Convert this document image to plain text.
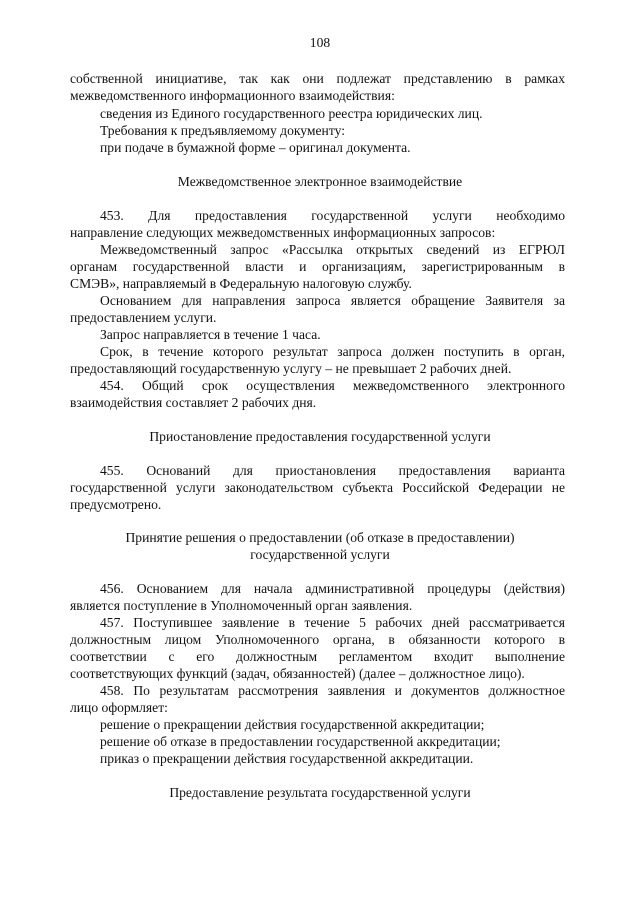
108
собственной инициативе, так как они подлежат представлению в рамках
межведомственного информационного взаимодействия:
сведения из Единого государственного реестра юридических лиц.
Требования к предъявляемому документу:
при подаче в бумажной форме – оригинал документа.
Межведомственное электронное взаимодействие
453. Для предоставления государственной услуги необходимо
направление следующих межведомственных информационных запросов:
Межведомственный запрос «Рассылка открытых сведений из ЕГРЮЛ
органам государственной власти и организациям, зарегистрированным в
СМЭВ», направляемый в Федеральную налоговую службу.
Основанием для направления запроса является обращение Заявителя за
предоставлением услуги.
Запрос направляется в течение 1 часа.
Срок, в течение которого результат запроса должен поступить в орган,
предоставляющий государственную услугу – не превышает 2 рабочих дней.
454. Общий срок осуществления межведомственного электронного
взаимодействия составляет 2 рабочих дня.
Приостановление предоставления государственной услуги
455. Оснований для приостановления предоставления варианта
государственной услуги законодательством субъекта Российской Федерации не
предусмотрено.
Принятие решения о предоставлении (об отказе в предоставлении)
государственной услуги
456. Основанием для начала административной процедуры (действия)
является поступление в Уполномоченный орган заявления.
457. Поступившее заявление в течение 5 рабочих дней рассматривается
должностным лицом Уполномоченного органа, в обязанности которого в
соответствии с его должностным регламентом входит выполнение
соответствующих функций (задач, обязанностей) (далее – должностное лицо).
458. По результатам рассмотрения заявления и документов должностное
лицо оформляет:
решение о прекращении действия государственной аккредитации;
решение об отказе в предоставлении государственной аккредитации;
приказ о прекращении действия государственной аккредитации.
Предоставление результата государственной услуги
